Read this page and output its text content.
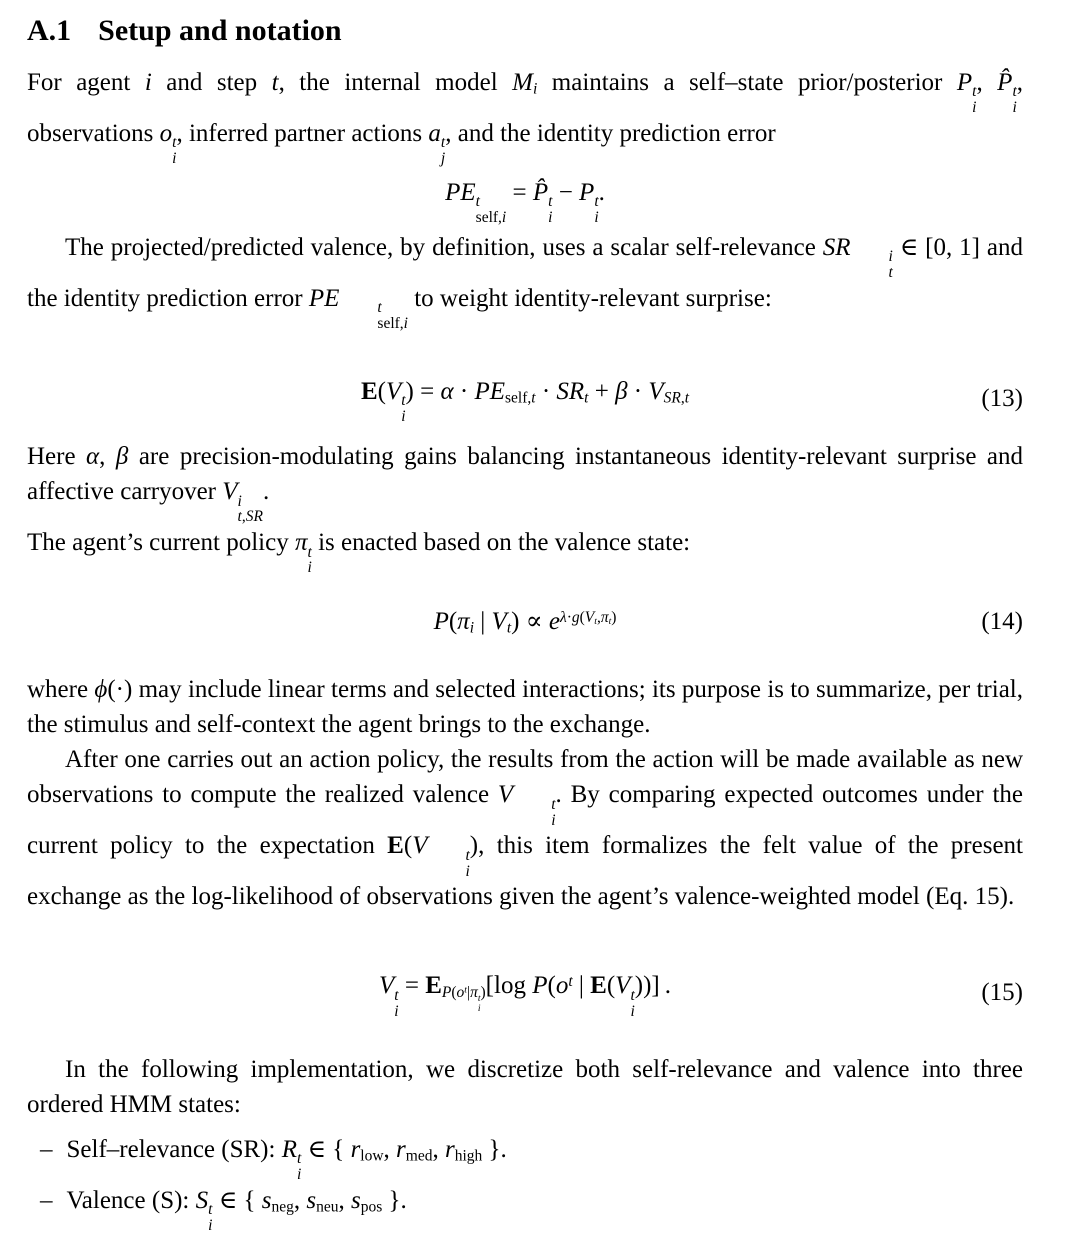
A.1 Setup and notation

For agent i and step t, the internal model $M_i$ maintains a self–state prior/posterior P t
i
, P̂ t
i
, observations o t
i
, inferred partner actions a t
j
, and the identity prediction error

PE t
self,i
= P̂ t
i
− P t
i
.

The projected/predicted valence, by definition, uses a scalar self-relevance SR	i
t
∈ [0, 1] and the identity prediction error PE	t
self,i
to weight identity-relevant surprise:

E(V t
i
) = $\alpha \cdot PE_{self,t} \cdot SR_t + \beta \cdot V_{SR,t}$	(13)

Here α, β are precision-modulating gains balancing instantaneous identity-relevant surprise and affective carryover V i
t,SR
.

The agent’s current policy π t
i
is enacted based on the valence state:

$P(\pi_i$ | $V_t) \propto e^{\lambda\cdot g(V_t,\pi_t)}$	(14)

where ϕ(·) may include linear terms and selected interactions; its purpose is to summarize, per trial, the stimulus and self-context the agent brings to the exchange.

After one carries out an action policy, the results from the action will be made available as new observations to compute the realized valence V	t
i
. By comparing expected outcomes under the current policy to the expectation E(V	t
i
), this item formalizes the felt value of the present exchange as the log-likelihood of observations given the agent’s valence-weighted model (Eq. 15).

V t
i
= $E_{P(o^t|\pi t i )}[\log$ $P(o^t$ | E(V t
i
))] .	(15)

In the following implementation, we discretize both self-relevance and valence into three ordered HMM states:

– Self–relevance (SR): R t
i
∈ { $r_{low}$, $r_{med}$, $r_{high}$ }.
– Valence (S): S t
i
∈ { $s_{neg}$, $s_{neu}$, $s_{pos}$ }.
